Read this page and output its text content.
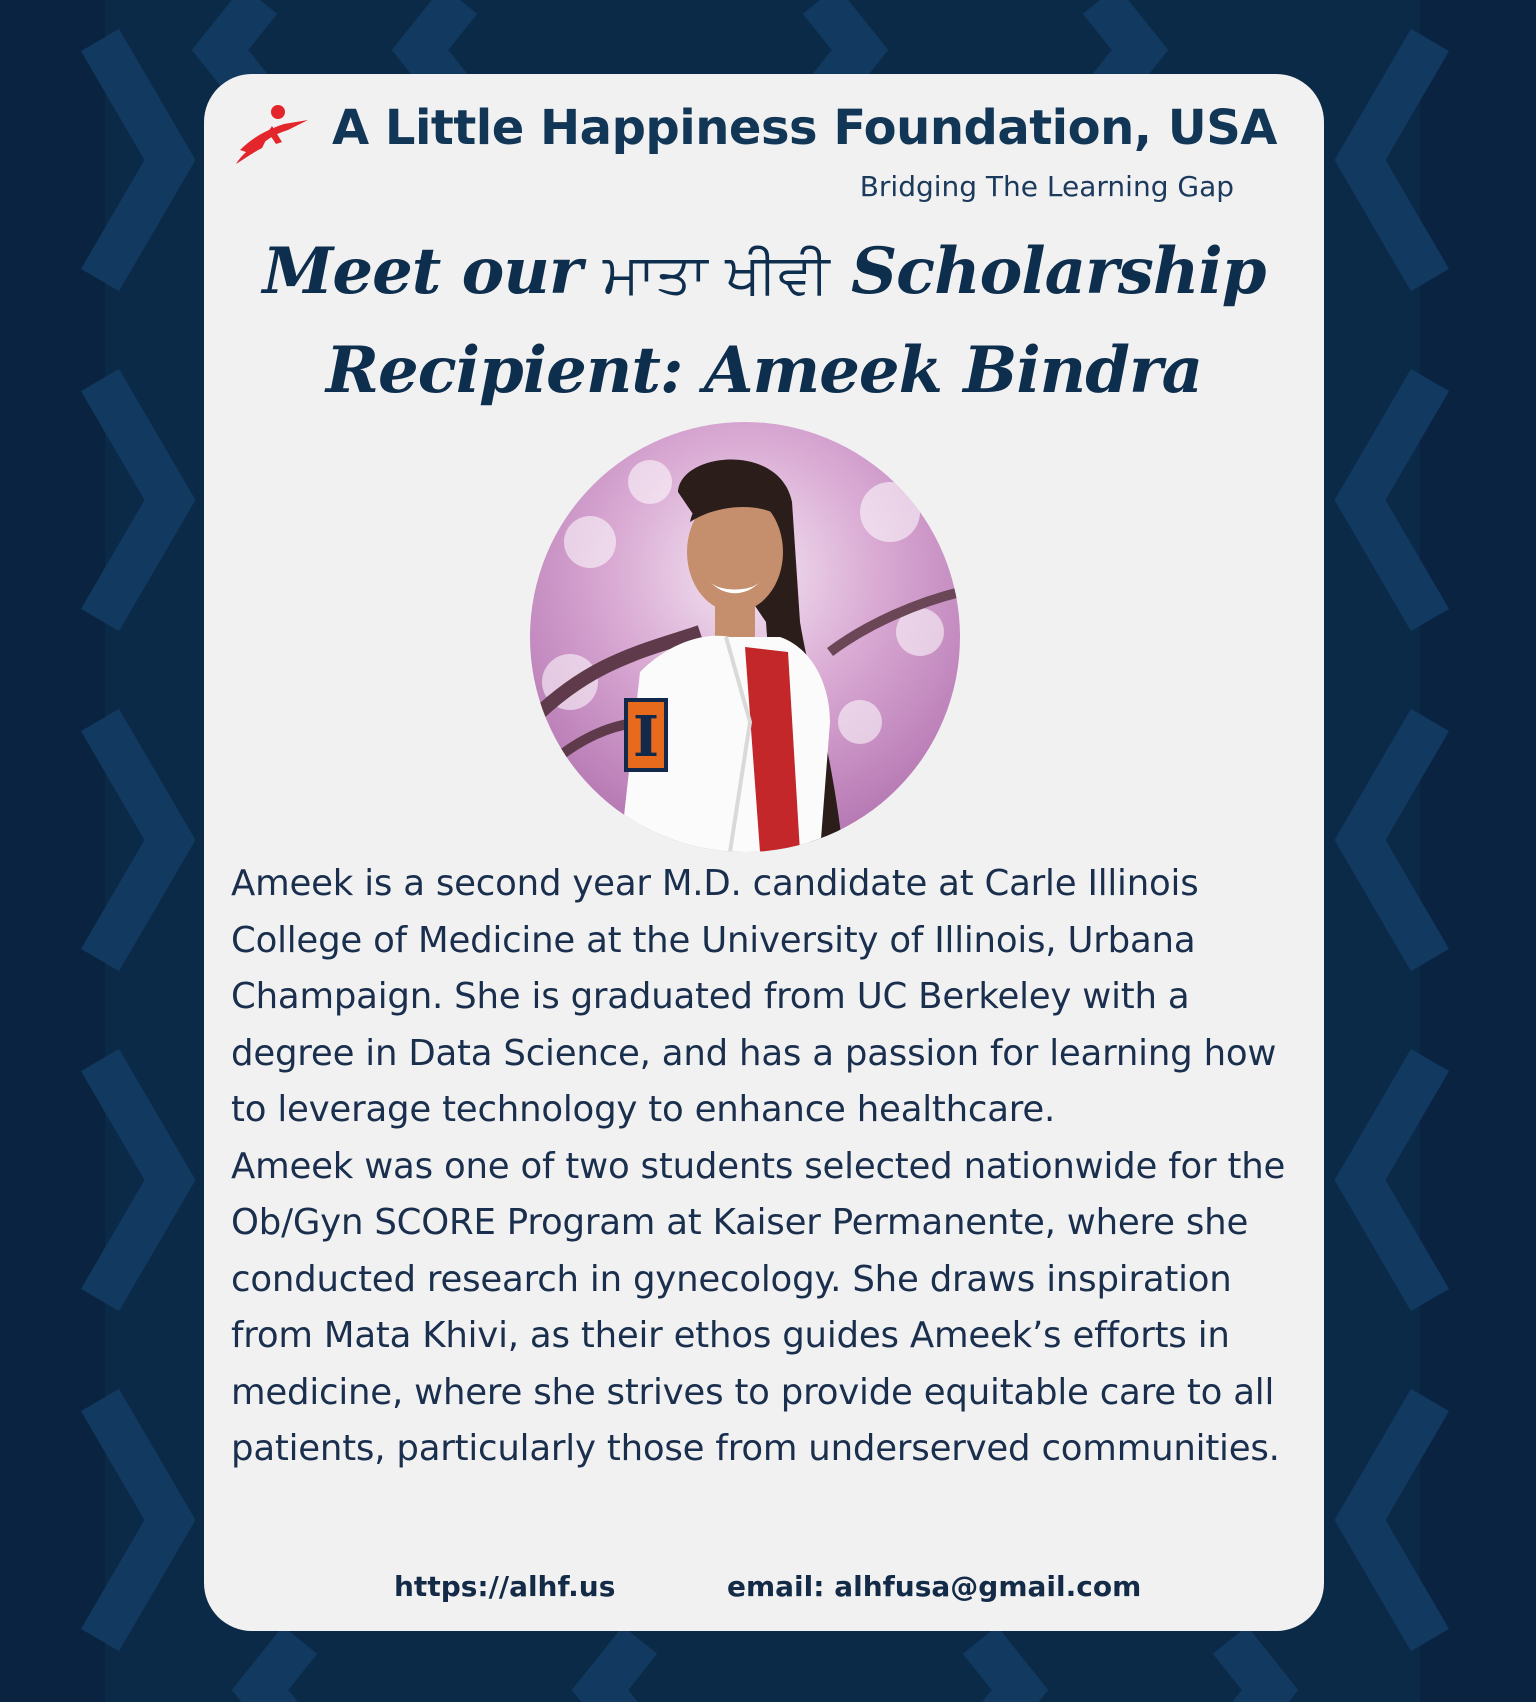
A Little Happiness Foundation, USA
Bridging The Learning Gap
Meet our ਮਾਤਾ ਖੀਵੀ Scholarship
Recipient: Ameek Bindra
I

Ameek is a second year M.D. candidate at Carle Illinois College of Medicine at the University of Illinois, Urbana Champaign. She is graduated from UC Berkeley with a degree in Data Science, and has a passion for learning how to leverage technology to enhance healthcare.

Ameek was one of two students selected nationwide for the Ob/Gyn SCORE Program at Kaiser Permanente, where she conducted research in gynecology. She draws inspiration from Mata Khivi, as their ethos guides Ameek’s efforts in medicine, where she strives to provide equitable care to all patients, particularly those from underserved communities.

https://alhf.us	email: alhfusa@gmail.com
